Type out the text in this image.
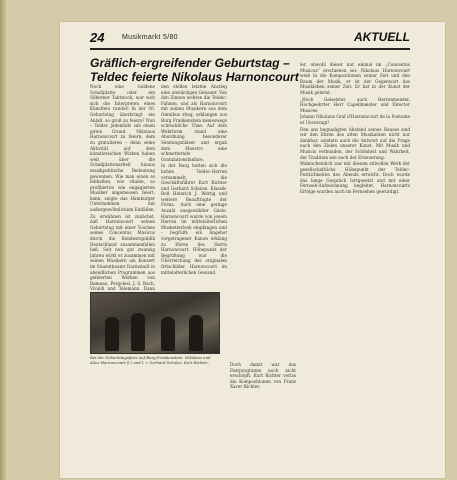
24	Musikmarkt 5/80	AKTUELL
Gräflich-ergreifender Geburtstag – Teldec feierte Nikolaus Harnoncourt

Noch eine Goldene Schallplatte oder ein Silberner Taktstock, war weit sich die Interpreten eines Künstlers rundet! In der 50. Geburtstag überbringt ein Anlaß, so groß zu feiern? Nun – Teldec jedenfalls sah einen guten Grund. Nikolaus Harnoncourt zu feiern, dem zu gratulieren – denn seine Aktivität auf dem künstlerischen Wirken haben weit über die Schallplattenarbeit hinaus musikpolitische Bedeutung gewonnen. Wie man einen so lebhaften, wie vitalen, so profilierten wie engagierten Musiker angemessen feiert, kann, zeigte das Hamburger Unternehmen mit außergewöhnlichem Einfällen.

Zu erwähnen ist zunächst, daß Harnoncourt seinen Geburtstag mit einer Tournee seines Concentus Musicus durch die Bundesrepublik Deutschland zusammenfallen ließ. Seit nun gut zwanzig Jahren wirkt er zusammen mit seinen Musikern am Konzert im Staatstheater Darmstadt in abendlichen Programmen aus gefeierten Werken von Rameau, Pergolesi, J. S. Bach, Vivaldi und Telemann. Dann

den stellen letzten Anstieg eine unwürdigen Genauer. Von den Zinnen wehten die Teldec-Fahnen, und als Harnoncourt mit seinen Musikern aus dem Omnibus stieg, erklangen aus Burg Frankenstein keineswegs schreckliche Töne: Auf dem Wehrturm stand eine Abordnung besonderer Sendungsbläser und ergab dem Maestro eine schmetternde Gratulationsfanfare.

In der Burg hatten sich die hohen Teldec-Herren versammelt, die Geschäftsführer Kurt Richter und Gerhard Schulze, Klassik-Boß Heinrich J. Wertig und weitere Beauftragte der Firma. Auch eine geringe Anzahl ausgewählter Gäste. Harnoncourt wurde von jenem Herren im mittelalterlichen Musketierlook empfangen und – begrüßt: ein Angebot vorgetragener Kanon erklang zu Ehren des Herrn Harnoncourt. Höhepunkt der Begrüßung war die Überreichung des originalen Ortschilder Harnoncourt im mittelalterlichen Gewand.

ler, obwohl dieser nur einmal im „Concentus Musicus“ erschienen sei: Nikolaus Harnoncourt weiß in die Kompositionen seiner Zeit und den Raum der Musik, er ist der Gegenwart das Musikleben seiner Zeit. Er hat in der Kunst der Musik gelernt.

„Hoch Geiselster, auch Herrenmeister, Hochgeehrter Herr Capellmeister und Director Musices

Johann Nikolaus Graf d'Harnoncourt de la Fontaine et Unverzagt!

Den uns begnadigten Abstand seines Hauses sind wir den Ehren des alten Musikanten nicht nur dankbar, sondern auch die Antwort auf die Frage nach den Zielen unserer Kunst. Mit Musik und Musicis verbunden, der Schönheit und Wahrheit, der Tradition wie auch der Erneuerung.

Wahrscheinlich war mit diesem stilvollen Werk der gesellschaftliche Höhepunkt der Teldec-Festlichkeiten des Abends erreicht. Doch wurde das lange Gespräch fortgesetzt und mit einer Fernseh-Aufzeichnung begleitet, Harnoncourts Erfolge wurden auch im Fernsehen gewürdigt.

Bei der Geburtstagsfeier auf Burg Frankenstein: Nikolaus und Alice Harnoncourt (l.) und l. r. Gerhard Schulze, Kurt Richter.	Doch damit war das Festprogramm noch nicht erschöpft. Kurt Richter verlas die Kompositionen von Franz Xaver Richter.
